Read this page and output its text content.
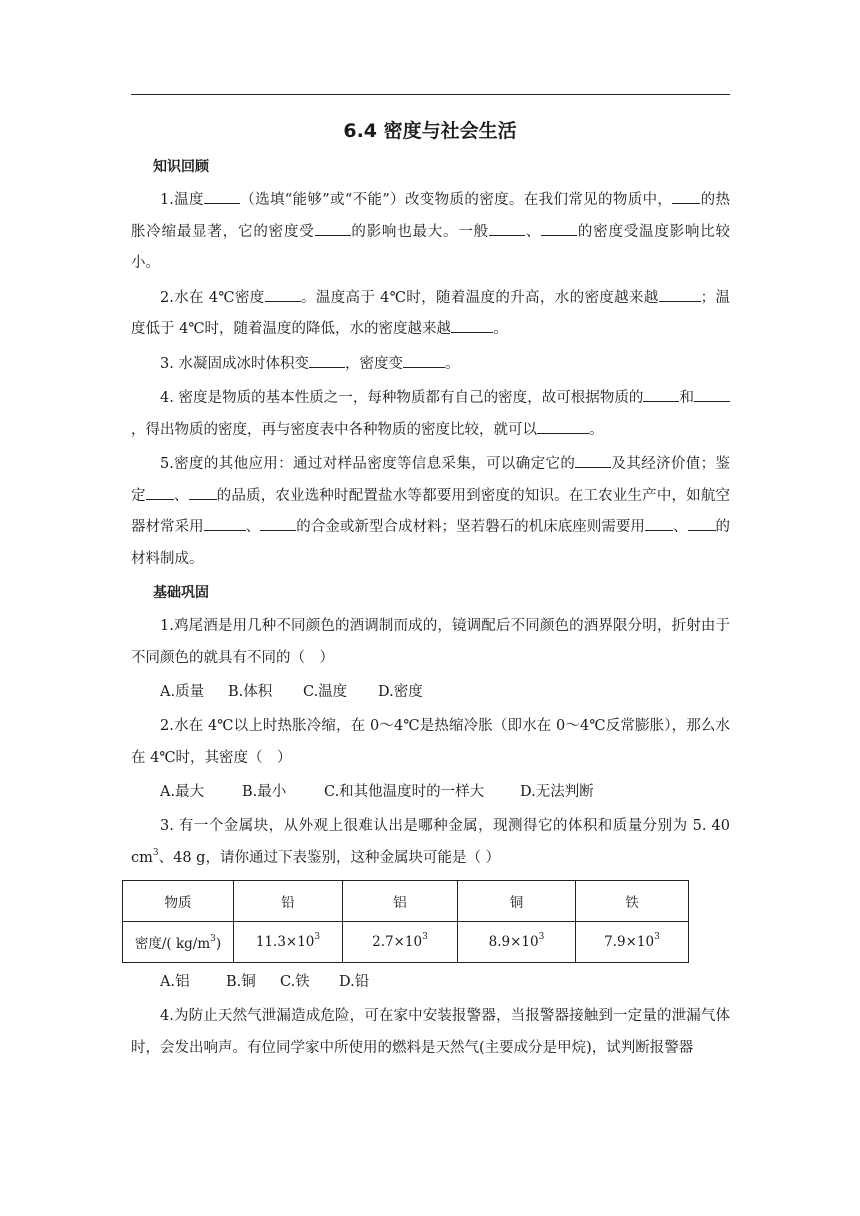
6.4 密度与社会生活
知识回顾

1.温度 （选填“能够”或“不能”）改变物质的密度。在我们常见的物质中， 的热胀冷缩最显著，它的密度受 的影响也最大。一般 、 的密度受温度影响比较小。

2.水在 4℃密度 。温度高于 4℃时，随着温度的升高，水的密度越来越	；温度低于 4℃时，随着温度的降低，水的密度越来越	。

3. 水凝固成冰时体积变 ，密度变	。

4. 密度是物质的基本性质之一，每种物质都有自己的密度，故可根据物质的 和，得出物质的密度，再与密度表中各种物质的密度比较，就可以	。

5.密度的其他应用：通过对样品密度等信息采集，可以确定它的 及其经济价值；鉴定 、 的品质，农业选种时配置盐水等都要用到密度的知识。在工农业生产中，如航空器材常采用	、 的合金或新型合成材料；坚若磐石的机床底座则需要用 、 的材料制成。

基础巩固

1.鸡尾酒是用几种不同颜色的酒调制而成的，镜调配后不同颜色的酒界限分明，折射由于不同颜色的就具有不同的（　）

A.质量 B.体积 C.温度 D.密度

2.水在 4℃以上时热胀冷缩，在 0～4℃是热缩冷胀（即水在 0～4℃反常膨胀），那么水在 4℃时，其密度（　）

A.最大	B.最小	C.和其他温度时的一样大 D.无法判断

3. 有一个金属块，从外观上很难认出是哪种金属，现测得它的体积和质量分别为 5. 40 $cm^3$、48 g，请你通过下表鉴别，这种金属块可能是（ ）

物质	铅	铝	铜	铁
密度/( $kg/m^3$)	$11.3\times 10^3$	$2.7\times 10^3$	$8.9\times 10^3$	$7.9\times 10^3$
A.铝	B.铜 C.铁 D.铅

4.为防止天然气泄漏造成危险，可在家中安装报警器，当报警器接触到一定量的泄漏气体时，会发出响声。有位同学家中所使用的燃料是天然气(主要成分是甲烷)，试判断报警器
